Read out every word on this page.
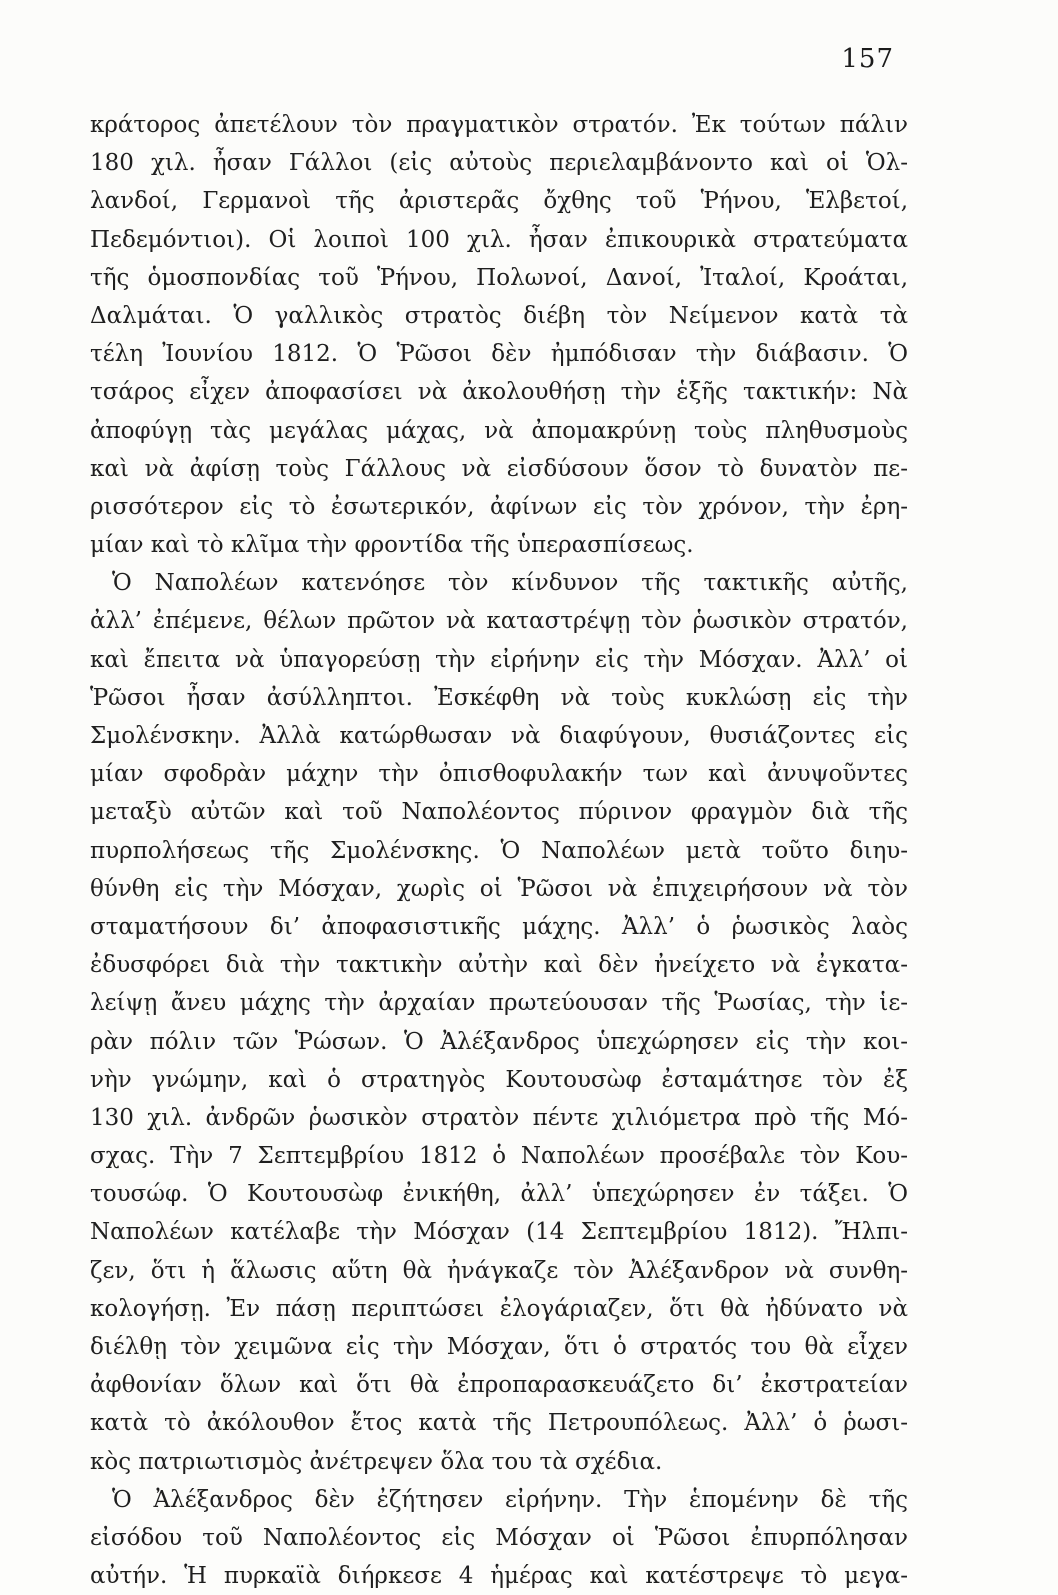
157
κράτορος ἀπετέλουν τὸν πραγματικὸν στρατόν. Ἐκ τούτων πάλιν
180 χιλ. ἦσαν Γάλλοι (εἰς αὐτοὺς περιελαμβάνοντο καὶ οἱ Ὁλ-
λανδοί, Γερμανοὶ τῆς ἀριστερᾶς ὄχθης τοῦ Ῥήνου, Ἑλβετοί,
Πεδεμόντιοι). Οἱ λοιποὶ 100 χιλ. ἦσαν ἐπικουρικὰ στρατεύματα
τῆς ὁμοσπονδίας τοῦ Ῥήνου, Πολωνοί, Δανοί, Ἰταλοί, Κροάται,
Δαλμάται. Ὁ γαλλικὸς στρατὸς διέβη τὸν Νείμενον κατὰ τὰ
τέλη Ἰουνίου 1812. Ὁ Ῥῶσοι δὲν ἠμπόδισαν τὴν διάβασιν. Ὁ
τσάρος εἶχεν ἀποφασίσει νὰ ἀκολουθήσῃ τὴν ἑξῆς τακτικήν: Νὰ
ἀποφύγῃ τὰς μεγάλας μάχας, νὰ ἀπομακρύνῃ τοὺς πληθυσμοὺς
καὶ νὰ ἀφίσῃ τοὺς Γάλλους νὰ εἰσδύσουν ὅσον τὸ δυνατὸν πε-
ρισσότερον εἰς τὸ ἐσωτερικόν, ἀφίνων εἰς τὸν χρόνον, τὴν ἐρη-
μίαν καὶ τὸ κλῖμα τὴν φροντίδα τῆς ὑπερασπίσεως.
Ὁ Ναπολέων κατενόησε τὸν κίνδυνον τῆς τακτικῆς αὐτῆς,
ἀλλ’ ἐπέμενε, θέλων πρῶτον νὰ καταστρέψῃ τὸν ῥωσικὸν στρατόν,
καὶ ἔπειτα νὰ ὑπαγορεύσῃ τὴν εἰρήνην εἰς τὴν Μόσχαν. Ἀλλ’ οἱ
Ῥῶσοι ἦσαν ἀσύλληπτοι. Ἐσκέφθη νὰ τοὺς κυκλώσῃ εἰς τὴν
Σμολένσκην. Ἀλλὰ κατώρθωσαν νὰ διαφύγουν, θυσιάζοντες εἰς
μίαν σφοδρὰν μάχην τὴν ὀπισθοφυλακήν των καὶ ἀνυψοῦντες
μεταξὺ αὐτῶν καὶ τοῦ Ναπολέοντος πύρινον φραγμὸν διὰ τῆς
πυρπολήσεως τῆς Σμολένσκης. Ὁ Ναπολέων μετὰ τοῦτο διηυ-
θύνθη εἰς τὴν Μόσχαν, χωρὶς οἱ Ῥῶσοι νὰ ἐπιχειρήσουν νὰ τὸν
σταματήσουν δι’ ἀποφασιστικῆς μάχης. Ἀλλ’ ὁ ῥωσικὸς λαὸς
ἐδυσφόρει διὰ τὴν τακτικὴν αὐτὴν καὶ δὲν ἠνείχετο νὰ ἐγκατα-
λείψῃ ἄνευ μάχης τὴν ἀρχαίαν πρωτεύουσαν τῆς Ῥωσίας, τὴν ἱε-
ρὰν πόλιν τῶν Ῥώσων. Ὁ Ἀλέξανδρος ὑπεχώρησεν εἰς τὴν κοι-
νὴν γνώμην, καὶ ὁ στρατηγὸς Κουτουσὼφ ἐσταμάτησε τὸν ἐξ
130 χιλ. ἀνδρῶν ῥωσικὸν στρατὸν πέντε χιλιόμετρα πρὸ τῆς Μό-
σχας. Τὴν 7 Σεπτεμβρίου 1812 ὁ Ναπολέων προσέβαλε τὸν Κου-
τουσώφ. Ὁ Κουτουσὼφ ἐνικήθη, ἀλλ’ ὑπεχώρησεν ἐν τάξει. Ὁ
Ναπολέων κατέλαβε τὴν Μόσχαν (14 Σεπτεμβρίου 1812). Ἤλπι-
ζεν, ὅτι ἡ ἅλωσις αὕτη θὰ ἠνάγκαζε τὸν Ἀλέξανδρον νὰ συνθη-
κολογήσῃ. Ἐν πάσῃ περιπτώσει ἐλογάριαζεν, ὅτι θὰ ἠδύνατο νὰ
διέλθῃ τὸν χειμῶνα εἰς τὴν Μόσχαν, ὅτι ὁ στρατός του θὰ εἶχεν
ἀφθονίαν ὅλων καὶ ὅτι θὰ ἐπροπαρασκευάζετο δι’ ἐκστρατείαν
κατὰ τὸ ἀκόλουθον ἔτος κατὰ τῆς Πετρουπόλεως. Ἀλλ’ ὁ ῥωσι-
κὸς πατριωτισμὸς ἀνέτρεψεν ὅλα του τὰ σχέδια.
Ὁ Ἀλέξανδρος δὲν ἐζήτησεν εἰρήνην. Τὴν ἑπομένην δὲ τῆς
εἰσόδου τοῦ Ναπολέοντος εἰς Μόσχαν οἱ Ῥῶσοι ἐπυρπόλησαν
αὐτήν. Ἡ πυρκαϊὰ διήρκεσε 4 ἡμέρας καὶ κατέστρεψε τὸ μεγα-
